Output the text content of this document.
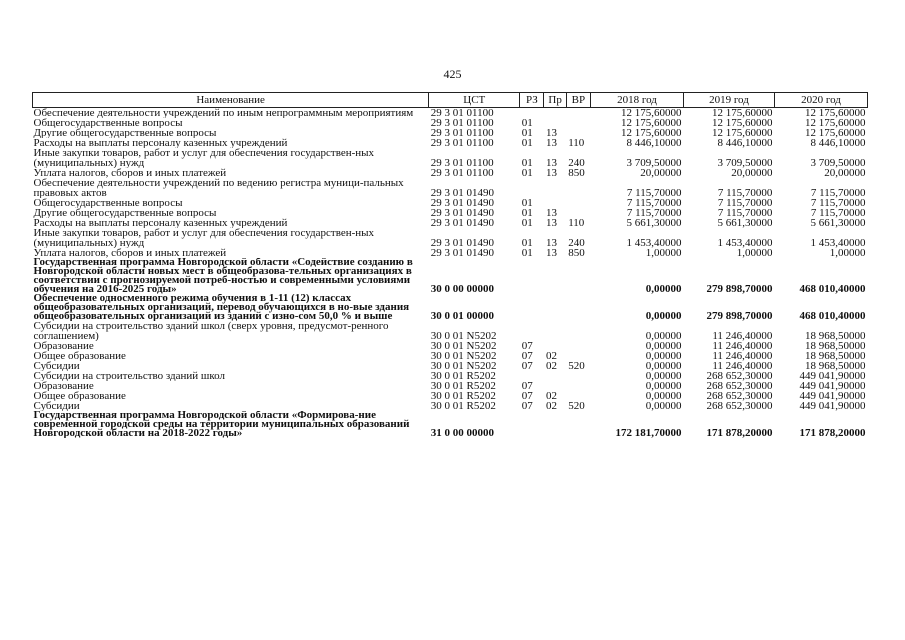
425
Наименование	ЦСТ	РЗ	Пр	ВР	2018 год	2019 год	2020 год
Обеспечение деятельности учреждений по иным непрограммным мероприятиям	29 3 01 01100				12 175,60000	12 175,60000	12 175,60000
Общегосударственные вопросы	29 3 01 01100	01			12 175,60000	12 175,60000	12 175,60000
Другие общегосударственные вопросы	29 3 01 01100	01	13		12 175,60000	12 175,60000	12 175,60000
Расходы на выплаты персоналу казенных учреждений	29 3 01 01100	01	13	110	8 446,10000	8 446,10000	8 446,10000
Иные закупки товаров, работ и услуг для обеспечения государствен-ных (муниципальных) нужд	29 3 01 01100	01	13	240	3 709,50000	3 709,50000	3 709,50000
Уплата налогов, сборов и иных платежей	29 3 01 01100	01	13	850	20,00000	20,00000	20,00000
Обеспечение деятельности учреждений по ведению регистра муници-пальных правовых актов	29 3 01 01490				7 115,70000	7 115,70000	7 115,70000
Общегосударственные вопросы	29 3 01 01490	01			7 115,70000	7 115,70000	7 115,70000
Другие общегосударственные вопросы	29 3 01 01490	01	13		7 115,70000	7 115,70000	7 115,70000
Расходы на выплаты персоналу казенных учреждений	29 3 01 01490	01	13	110	5 661,30000	5 661,30000	5 661,30000
Иные закупки товаров, работ и услуг для обеспечения государствен-ных (муниципальных) нужд	29 3 01 01490	01	13	240	1 453,40000	1 453,40000	1 453,40000
Уплата налогов, сборов и иных платежей	29 3 01 01490	01	13	850	1,00000	1,00000	1,00000
Государственная программа Новгородской области «Содействие созданию в Новгородской области новых мест в общеобразова-тельных организациях в соответствии с прогнозируемой потреб-ностью и современными условиями обучения на 2016-2025 годы»	30 0 00 00000				0,00000	279 898,70000	468 010,40000
Обеспечение односменного режима обучения в 1-11 (12) классах общеобразовательных организаций, перевод обучающихся в но-вые здания общеобразовательных организаций из зданий с изно-сом 50,0 % и выше	30 0 01 00000				0,00000	279 898,70000	468 010,40000
Субсидии на строительство зданий школ (сверх уровня, предусмот-ренного соглашением)	30 0 01 N5202				0,00000	11 246,40000	18 968,50000
Образование	30 0 01 N5202	07			0,00000	11 246,40000	18 968,50000
Общее образование	30 0 01 N5202	07	02		0,00000	11 246,40000	18 968,50000
Субсидии	30 0 01 N5202	07	02	520	0,00000	11 246,40000	18 968,50000
Субсидии на строительство зданий школ	30 0 01 R5202				0,00000	268 652,30000	449 041,90000
Образование	30 0 01 R5202	07			0,00000	268 652,30000	449 041,90000
Общее образование	30 0 01 R5202	07	02		0,00000	268 652,30000	449 041,90000
Субсидии	30 0 01 R5202	07	02	520	0,00000	268 652,30000	449 041,90000
Государственная программа Новгородской области «Формирова-ние современной городской среды на территории муниципальных образований Новгородской области на 2018-2022 годы»	31 0 00 00000				172 181,70000	171 878,20000	171 878,20000
